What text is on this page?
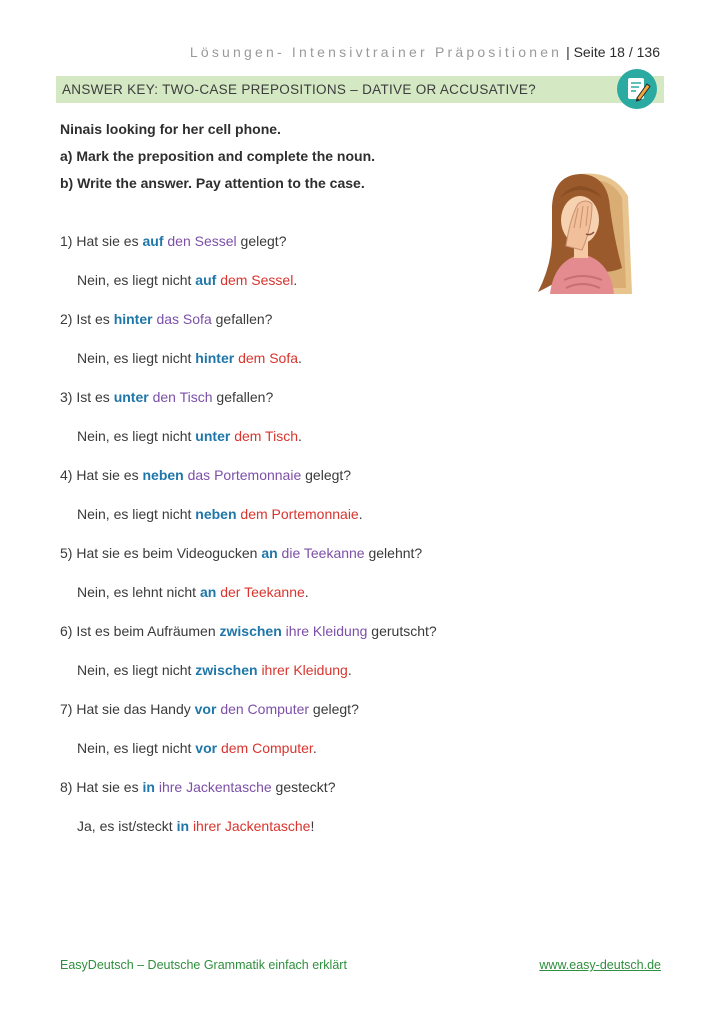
Lösungen- Intensivtrainer Präpositionen | Seite 18 / 136
ANSWER KEY: TWO-CASE PREPOSITIONS – DATIVE OR ACCUSATIVE?
Ninais looking for her cell phone.
a) Mark the preposition and complete the noun.
b) Write the answer. Pay attention to the case.
1) Hat sie es auf den Sessel gelegt?
Nein, es liegt nicht auf dem Sessel.
2) Ist es hinter das Sofa gefallen?
Nein, es liegt nicht hinter dem Sofa.
3) Ist es unter den Tisch gefallen?
Nein, es liegt nicht unter dem Tisch.
4) Hat sie es neben das Portemonnaie gelegt?
Nein, es liegt nicht neben dem Portemonnaie.
5) Hat sie es beim Videogucken an die Teekanne gelehnt?
Nein, es lehnt nicht an der Teekanne.
6) Ist es beim Aufräumen zwischen ihre Kleidung gerutscht?
Nein, es liegt nicht zwischen ihrer Kleidung.
7) Hat sie das Handy vor den Computer gelegt?
Nein, es liegt nicht vor dem Computer.
8) Hat sie es in ihre Jackentasche gesteckt?
Ja, es ist/steckt in ihrer Jackentasche!
EasyDeutsch – Deutsche Grammatik einfach erklärt	www.easy-deutsch.de
